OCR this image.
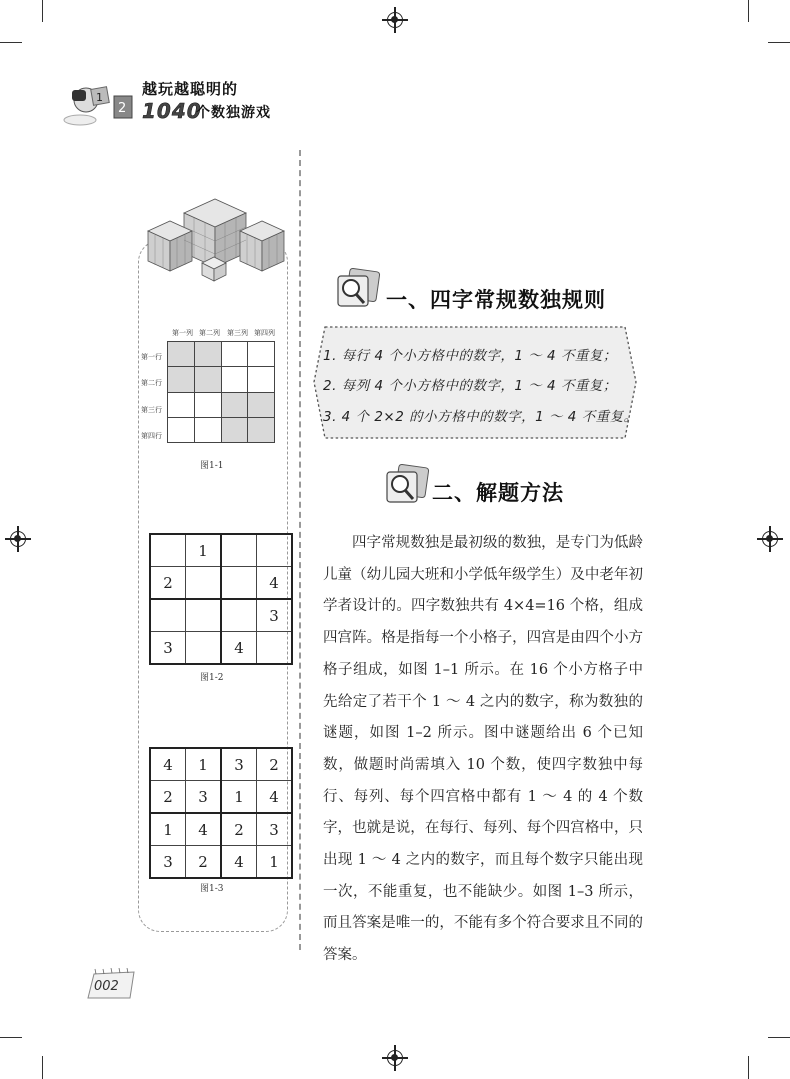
1
2
越玩越聪明的
1040
个数独游戏
第一列 第二列 第三列 第四列
第一行
第二行
第三行
第四行

图1-1
	1		
2			4
			3
3		4	
图1-2
4	1	3	2
2	3	1	4
1	4	2	3
3	2	4	1
图1-3
一、四字常规数独规则
1. 每行 4 个小方格中的数字，1 ～ 4 不重复；
2. 每列 4 个小方格中的数字，1 ～ 4 不重复；
3. 4 个 2×2 的小方格中的数字，1 ～ 4 不重复。
二、解题方法

四字常规数独是最初级的数独，是专门为低龄儿童（幼儿园大班和小学低年级学生）及中老年初学者设计的。四字数独共有 4×4=16 个格，组成四宫阵。格是指每一个小格子，四宫是由四个小方格子组成，如图 1–1 所示。在 16 个小方格子中先给定了若干个 1 ～ 4 之内的数字，称为数独的谜题，如图 1–2 所示。图中谜题给出 6 个已知数，做题时尚需填入 10 个数，使四字数独中每行、每列、每个四宫格中都有 1 ～ 4 的 4 个数字，也就是说，在每行、每列、每个四宫格中，只出现 1 ～ 4 之内的数字，而且每个数字只能出现一次，不能重复，也不能缺少。如图 1–3 所示，而且答案是唯一的，不能有多个符合要求且不同的答案。

002
